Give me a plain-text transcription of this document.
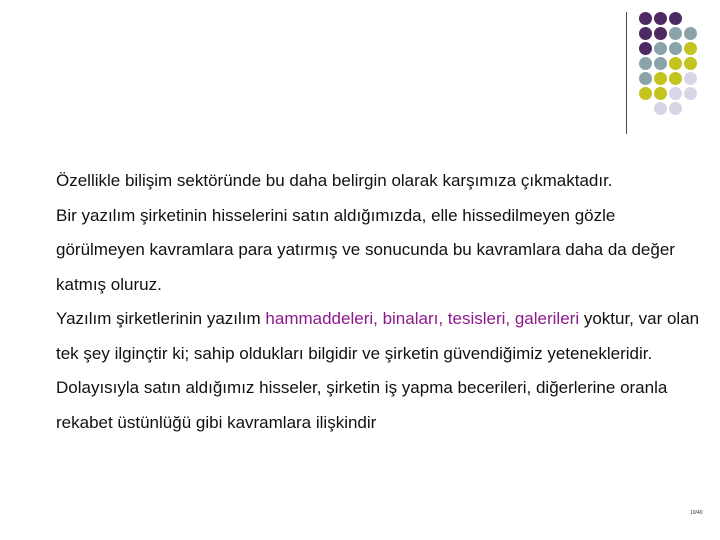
Özellikle bilişim sektöründe bu daha belirgin olarak karşımıza çıkmaktadır.

Bir yazılım şirketinin hisselerini satın aldığımızda, elle hissedilmeyen gözle görülmeyen kavramlara para yatırmış ve sonucunda bu kavramlara daha da değer katmış oluruz.

Yazılım şirketlerinin yazılım hammaddeleri, binaları, tesisleri, galerileri yoktur, var olan tek şey ilginçtir ki; sahip oldukları bilgidir ve şirketin güvendiğimiz yetenekleridir.

Dolayısıyla satın aldığımız hisseler, şirketin iş yapma becerileri, diğerlerine oranla rekabet üstünlüğü gibi kavramlara ilişkindir

10/40
